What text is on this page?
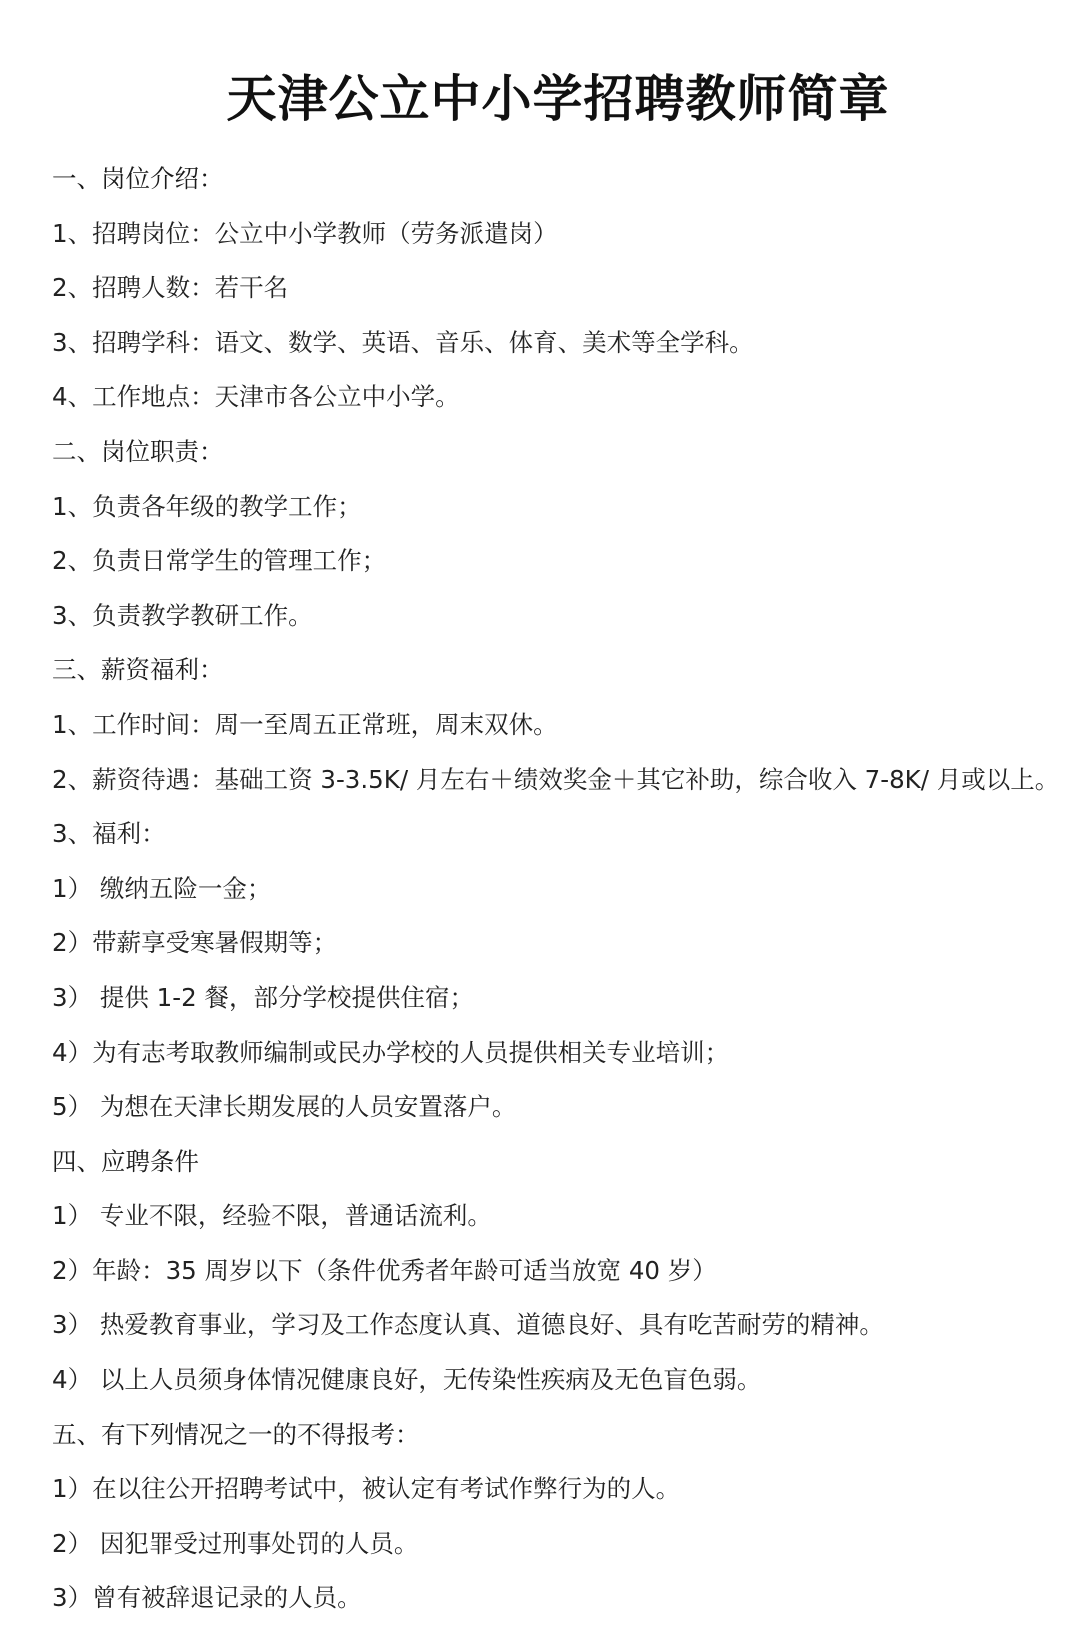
天津公立中小学招聘教师简章
一、岗位介绍：
1、招聘岗位：公立中小学教师（劳务派遣岗）
2、招聘人数：若干名
3、招聘学科：语文、数学、英语、音乐、体育、美术等全学科。
4、工作地点：天津市各公立中小学。
二、岗位职责：
1、负责各年级的教学工作；
2、负责日常学生的管理工作；
3、负责教学教研工作。
三、薪资福利：
1、工作时间：周一至周五正常班，周末双休。
2、薪资待遇：基础工资 3-3.5K/ 月左右＋绩效奖金＋其它补助，综合收入 7-8K/ 月或以上。
3、福利：
1） 缴纳五险一金；
2）带薪享受寒暑假期等；
3） 提供 1-2 餐，部分学校提供住宿；
4）为有志考取教师编制或民办学校的人员提供相关专业培训；
5） 为想在天津长期发展的人员安置落户。
四、应聘条件
1） 专业不限，经验不限，普通话流利。
2）年龄：35 周岁以下（条件优秀者年龄可适当放宽 40 岁）
3） 热爱教育事业，学习及工作态度认真、道德良好、具有吃苦耐劳的精神。
4） 以上人员须身体情况健康良好，无传染性疾病及无色盲色弱。
五、有下列情况之一的不得报考：
1）在以往公开招聘考试中，被认定有考试作弊行为的人。
2） 因犯罪受过刑事处罚的人员。
3）曾有被辞退记录的人员。
